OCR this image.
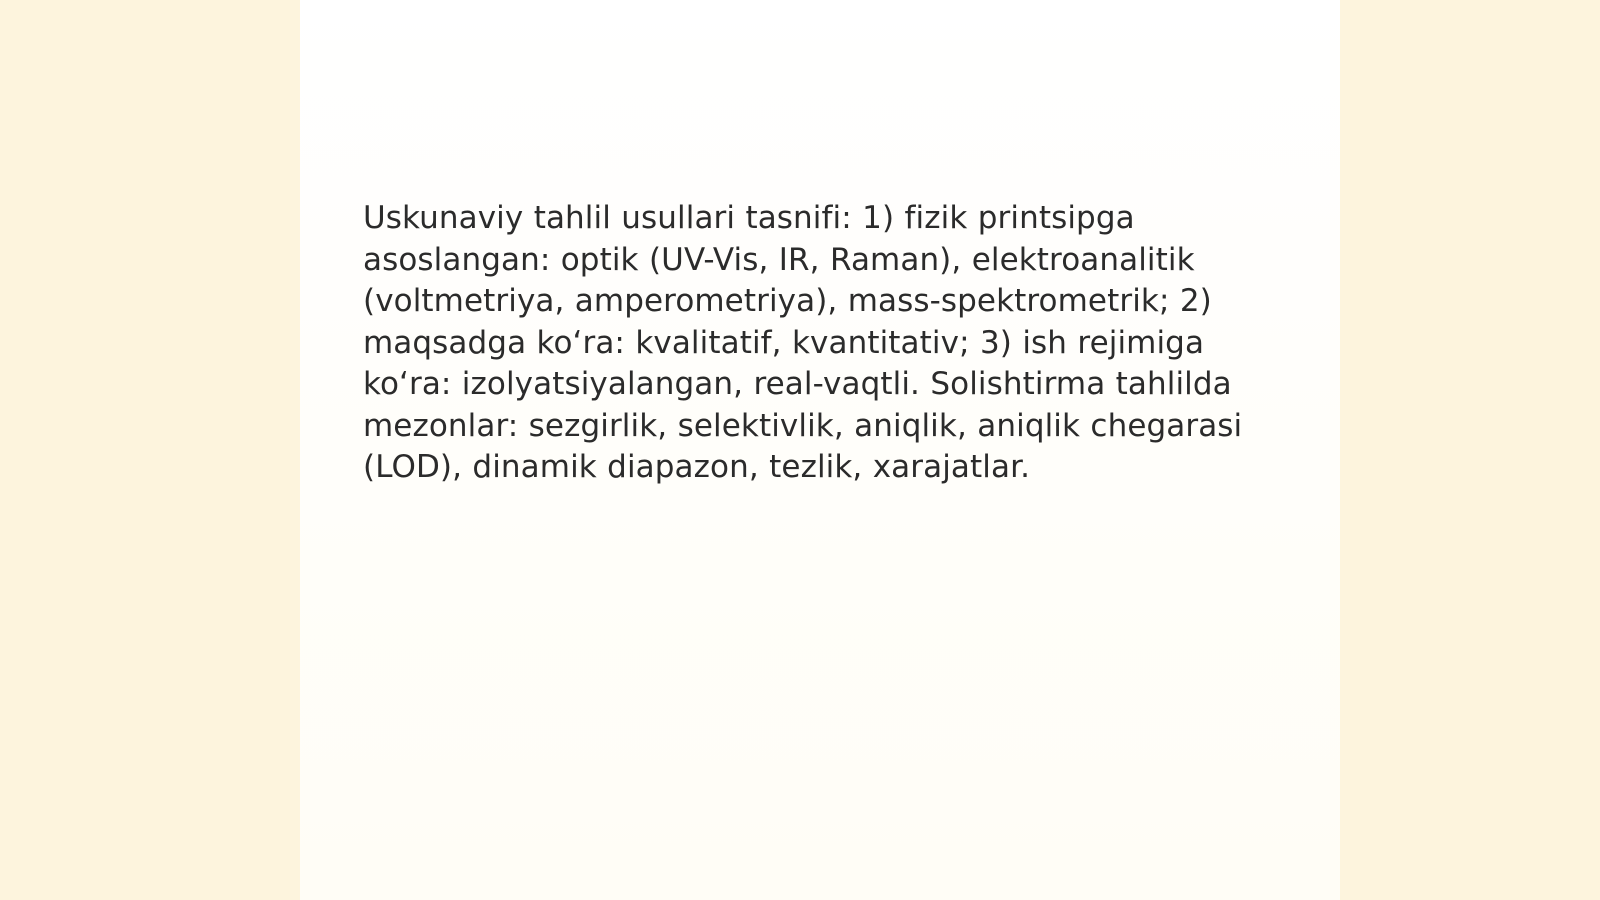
Uskunaviy tahlil usullari tasnifi: 1) fizik printsipga asoslangan: optik (UV-Vis, IR, Raman), elektroanalitik (voltmetriya, amperometriya), mass-spektrometrik; 2) maqsadga ko‘ra: kvalitatif, kvantitativ; 3) ish rejimiga ko‘ra: izolyatsiyalangan, real-vaqtli. Solishtirma tahlilda mezonlar: sezgirlik, selektivlik, aniqlik, aniqlik chegarasi (LOD), dinamik diapazon, tezlik, xarajatlar.
